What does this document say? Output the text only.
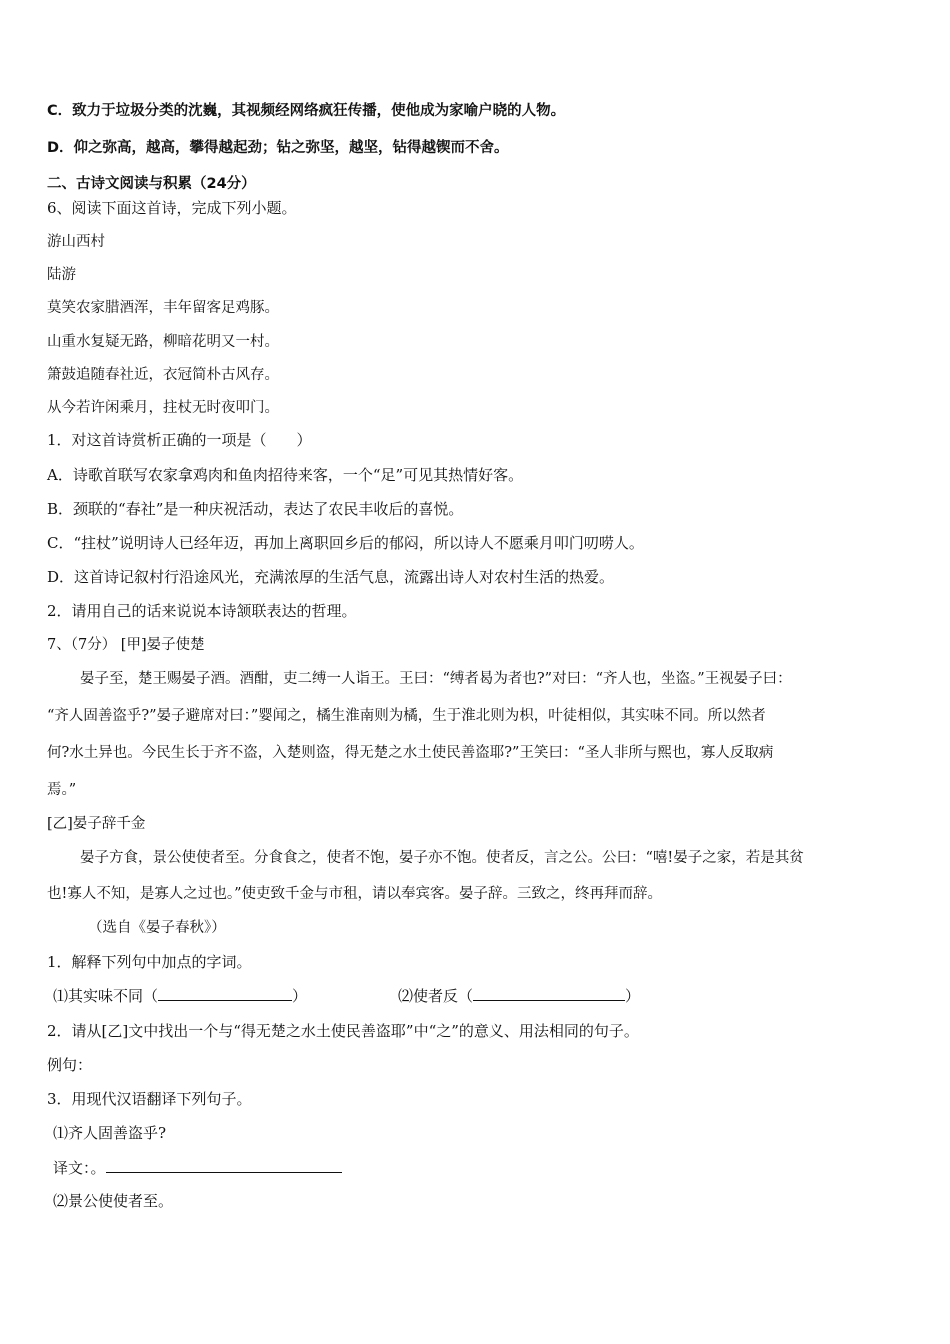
C．致力于垃圾分类的沈巍，其视频经网络疯狂传播，使他成为家喻户晓的人物。
D．仰之弥高，越高，攀得越起劲；钻之弥坚，越坚，钻得越锲而不舍。
二、古诗文阅读与积累（24分）
6、阅读下面这首诗，完成下列小题。
游山西村
陆游
莫笑农家腊酒浑，丰年留客足鸡豚。
山重水复疑无路，柳暗花明又一村。
箫鼓追随春社近，衣冠简朴古风存。
从今若许闲乘月，拄杖无时夜叩门。
1．对这首诗赏析正确的一项是（　　）
A．诗歌首联写农家拿鸡肉和鱼肉招待来客，一个“足”可见其热情好客。
B．颈联的“春社”是一种庆祝活动，表达了农民丰收后的喜悦。
C．“拄杖”说明诗人已经年迈，再加上离职回乡后的郁闷，所以诗人不愿乘月叩门叨唠人。
D．这首诗记叙村行沿途风光，充满浓厚的生活气息，流露出诗人对农村生活的热爱。
2．请用自己的话来说说本诗颔联表达的哲理。
7、（7分） [甲]晏子使楚
晏子至，楚王赐晏子酒。酒酣，吏二缚一人诣王。王曰：“缚者曷为者也?”对曰：“齐人也，坐盗。”王视晏子曰：
“齐人固善盗乎?”晏子避席对曰：”婴闻之，橘生淮南则为橘，生于淮北则为枳，叶徒相似，其实味不同。所以然者
何?水土异也。今民生长于齐不盗，入楚则盗，得无楚之水土使民善盗耶?”王笑曰：“圣人非所与熙也，寡人反取病
焉。”
[乙]晏子辞千金
晏子方食，景公使使者至。分食食之，使者不饱，晏子亦不饱。使者反，言之公。公曰：“嘻!晏子之家，若是其贫
也!寡人不知，是寡人之过也。”使吏致千金与市租，请以奉宾客。晏子辞。三致之，终再拜而辞。
（选自《晏子春秋》）
1．解释下列句中加点的字词。
⑴其实味不同（	）	⑵使者反（	）
2．请从[乙]文中找出一个与“得无楚之水土使民善盗耶”中“之”的意义、用法相同的句子。
例句：
3．用现代汉语翻译下列句子。
⑴齐人固善盗乎?
译文：。
⑵景公使使者至。
